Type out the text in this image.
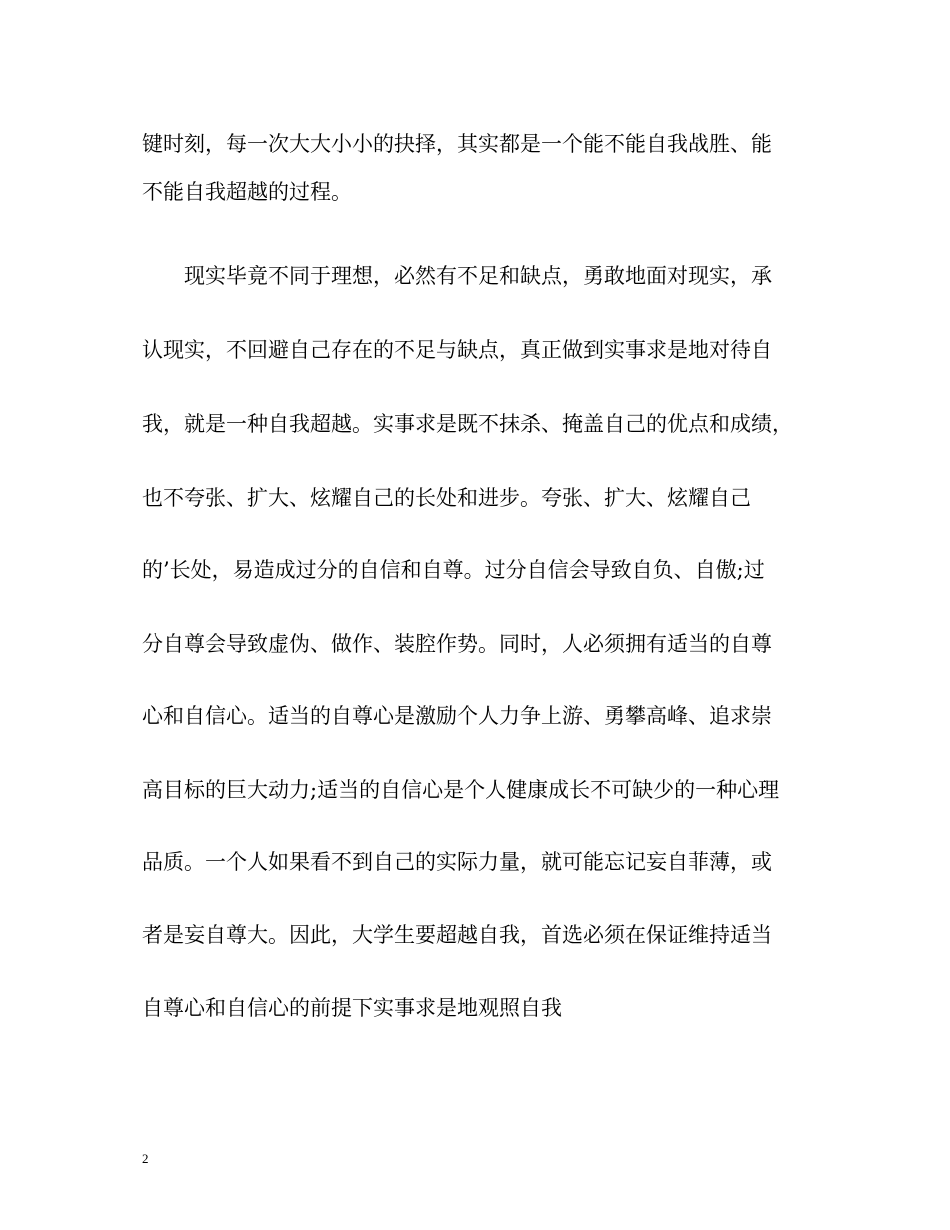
键时刻，每一次大大小小的抉择，其实都是一个能不能自我战胜、能

不能自我超越的过程。

　　现实毕竟不同于理想，必然有不足和缺点，勇敢地面对现实，承

认现实，不回避自己存在的不足与缺点，真正做到实事求是地对待自

我，就是一种自我超越。实事求是既不抹杀、掩盖自己的优点和成绩，

也不夸张、扩大、炫耀自己的长处和进步。夸张、扩大、炫耀自己

的’长处，易造成过分的自信和自尊。过分自信会导致自负、自傲;过

分自尊会导致虚伪、做作、装腔作势。同时，人必须拥有适当的自尊

心和自信心。适当的自尊心是激励个人力争上游、勇攀高峰、追求崇

高目标的巨大动力;适当的自信心是个人健康成长不可缺少的一种心理

品质。一个人如果看不到自己的实际力量，就可能忘记妄自菲薄，或

者是妄自尊大。因此，大学生要超越自我，首选必须在保证维持适当

自尊心和自信心的前提下实事求是地观照自我

2
